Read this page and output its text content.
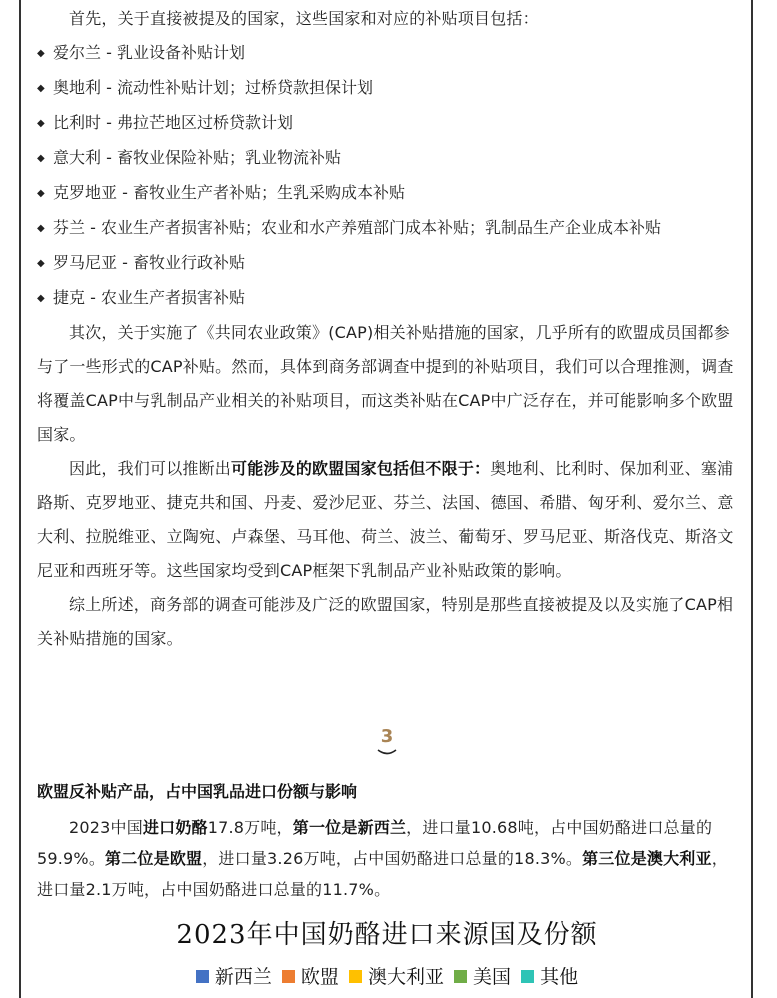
首先，关于直接被提及的国家，这些国家和对应的补贴项目包括：

◆ 爱尔兰 - 乳业设备补贴计划

◆ 奥地利 - 流动性补贴计划；过桥贷款担保计划

◆ 比利时 - 弗拉芒地区过桥贷款计划

◆ 意大利 - 畜牧业保险补贴；乳业物流补贴

◆ 克罗地亚 - 畜牧业生产者补贴；生乳采购成本补贴

◆ 芬兰 - 农业生产者损害补贴；农业和水产养殖部门成本补贴；乳制品生产企业成本补贴

◆ 罗马尼亚 - 畜牧业行政补贴

◆ 捷克 - 农业生产者损害补贴

其次，关于实施了《共同农业政策》(CAP)相关补贴措施的国家，几乎所有的欧盟成员国都参与了一些形式的CAP补贴。然而，具体到商务部调查中提到的补贴项目，我们可以合理推测，调查将覆盖CAP中与乳制品产业相关的补贴项目，而这类补贴在CAP中广泛存在，并可能影响多个欧盟国家。

因此，我们可以推断出可能涉及的欧盟国家包括但不限于：奥地利、比利时、保加利亚、塞浦路斯、克罗地亚、捷克共和国、丹麦、爱沙尼亚、芬兰、法国、德国、希腊、匈牙利、爱尔兰、意大利、拉脱维亚、立陶宛、卢森堡、马耳他、荷兰、波兰、葡萄牙、罗马尼亚、斯洛伐克、斯洛文尼亚和西班牙等。这些国家均受到CAP框架下乳制品产业补贴政策的影响。

综上所述，商务部的调查可能涉及广泛的欧盟国家，特别是那些直接被提及以及实施了CAP相关补贴措施的国家。

3
欧盟反补贴产品，占中国乳品进口份额与影响

2023中国进口奶酪17.8万吨，第一位是新西兰，进口量10.68吨，占中国奶酪进口总量的59.9%。第二位是欧盟，进口量3.26万吨，占中国奶酪进口总量的18.3%。第三位是澳大利亚，进口量2.1万吨，占中国奶酪进口总量的11.7%。

2023年中国奶酪进口来源国及份额
新西兰 欧盟 澳大利亚 美国 其他
